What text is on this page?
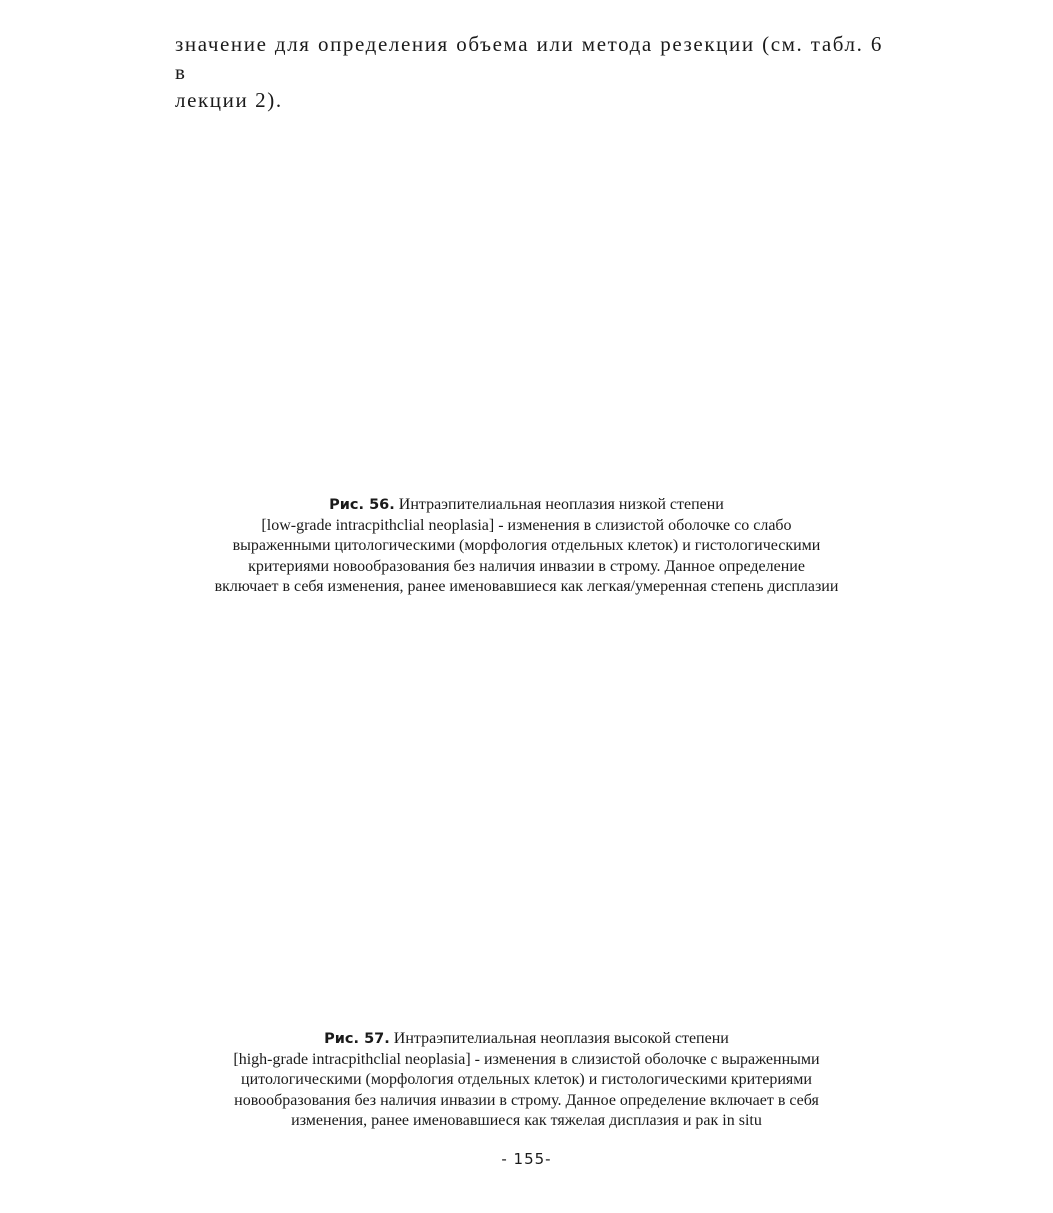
значение для определения объема или метода резекции (см. табл. 6 в
лекции 2).

Рис. 56. Интраэпителиальная неоплазия низкой степени
[low-grade intracpithclial neoplasia] - изменения в слизистой оболочке со слабо
выраженными цитологическими (морфология отдельных клеток) и гистологическими
критериями новообразования без наличия инвазии в строму. Данное определение
включает в себя изменения, ранее именовавшиеся как легкая/умеренная степень дисплазии

Рис. 57. Интраэпителиальная неоплазия высокой степени
[high-grade intracpithclial neoplasia] - изменения в слизистой оболочке с выраженными
цитологическими (морфология отдельных клеток) и гистологическими критериями
новообразования без наличия инвазии в строму. Данное определение включает в себя
изменения, ранее именовавшиеся как тяжелая дисплазия и рак in situ

- 155-
